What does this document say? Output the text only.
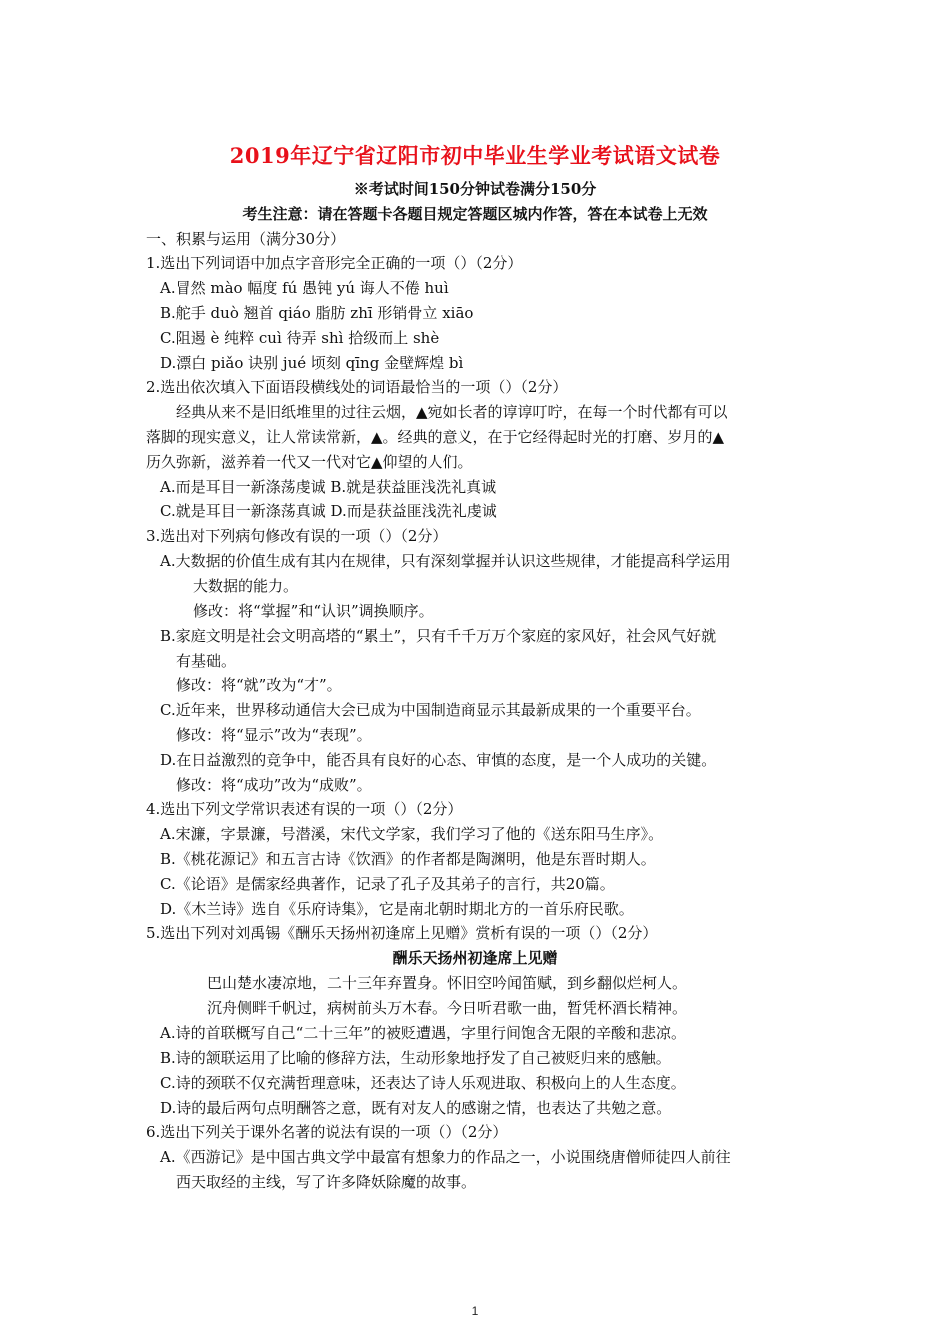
2019年辽宁省辽阳市初中毕业生学业考试语文试卷
※考试时间150分钟试卷满分150分
考生注意：请在答题卡各题目规定答题区城内作答，答在本试卷上无效
一、积累与运用（满分30分）
1.选出下列词语中加点字音形完全正确的一项（）（2分）
A.冒然 mào 幅度 fú 愚钝 yú 诲人不倦 huì
B.舵手 duò 翘首 qiáo 脂肪 zhī 形销骨立 xiāo
C.阻遏 è 纯粹 cuì 待弄 shì 拾级而上 shè
D.漂白 piǎo 诀别 jué 顷刻 qīng 金壁辉煌 bì
2.选出依次填入下面语段横线处的词语最恰当的一项（）（2分）
经典从来不是旧纸堆里的过往云烟，▲宛如长者的谆谆叮咛，在每一个时代都有可以
落脚的现实意义，让人常读常新，▲。经典的意义，在于它经得起时光的打磨、岁月的▲
历久弥新，滋养着一代又一代对它▲仰望的人们。
A.而是耳目一新涤荡虔诚 B.就是获益匪浅洗礼真诚
C.就是耳目一新涤荡真诚 D.而是获益匪浅洗礼虔诚
3.选出对下列病句修改有误的一项（）（2分）
A.大数据的价值生成有其内在规律，只有深刻掌握并认识这些规律，才能提高科学运用
大数据的能力。
修改：将“掌握”和“认识”调换顺序。
B.家庭文明是社会文明高塔的“累土”，只有千千万万个家庭的家风好，社会风气好就
有基础。
修改：将“就”改为“才”。
C.近年来，世界移动通信大会已成为中国制造商显示其最新成果的一个重要平台。
修改：将“显示”改为“表现”。
D.在日益激烈的竞争中，能否具有良好的心态、审慎的态度，是一个人成功的关键。
修改：将“成功”改为“成败”。
4.选出下列文学常识表述有误的一项（）（2分）
A.宋濂，字景濂，号潜溪，宋代文学家，我们学习了他的《送东阳马生序》。
B.《桃花源记》和五言古诗《饮酒》的作者都是陶渊明，他是东晋时期人。
C.《论语》是儒家经典著作，记录了孔子及其弟子的言行，共20篇。
D.《木兰诗》选自《乐府诗集》，它是南北朝时期北方的一首乐府民歌。
5.选出下列对刘禹锡《酬乐天扬州初逢席上见赠》赏析有误的一项（）（2分）
酬乐天扬州初逢席上见赠
巴山楚水凄凉地，二十三年弃置身。怀旧空吟闻笛赋，到乡翻似烂柯人。
沉舟侧畔千帆过，病树前头万木春。今日听君歌一曲，暂凭杯酒长精神。
A.诗的首联概写自己“二十三年”的被贬遭遇，字里行间饱含无限的辛酸和悲凉。
B.诗的颔联运用了比喻的修辞方法，生动形象地抒发了自己被贬归来的感触。
C.诗的颈联不仅充满哲理意味，还表达了诗人乐观进取、积极向上的人生态度。
D.诗的最后两句点明酬答之意，既有对友人的感谢之情，也表达了共勉之意。
6.选出下列关于课外名著的说法有误的一项（）（2分）
A.《西游记》是中国古典文学中最富有想象力的作品之一，小说围绕唐僧师徒四人前往
西天取经的主线，写了许多降妖除魔的故事。
1
